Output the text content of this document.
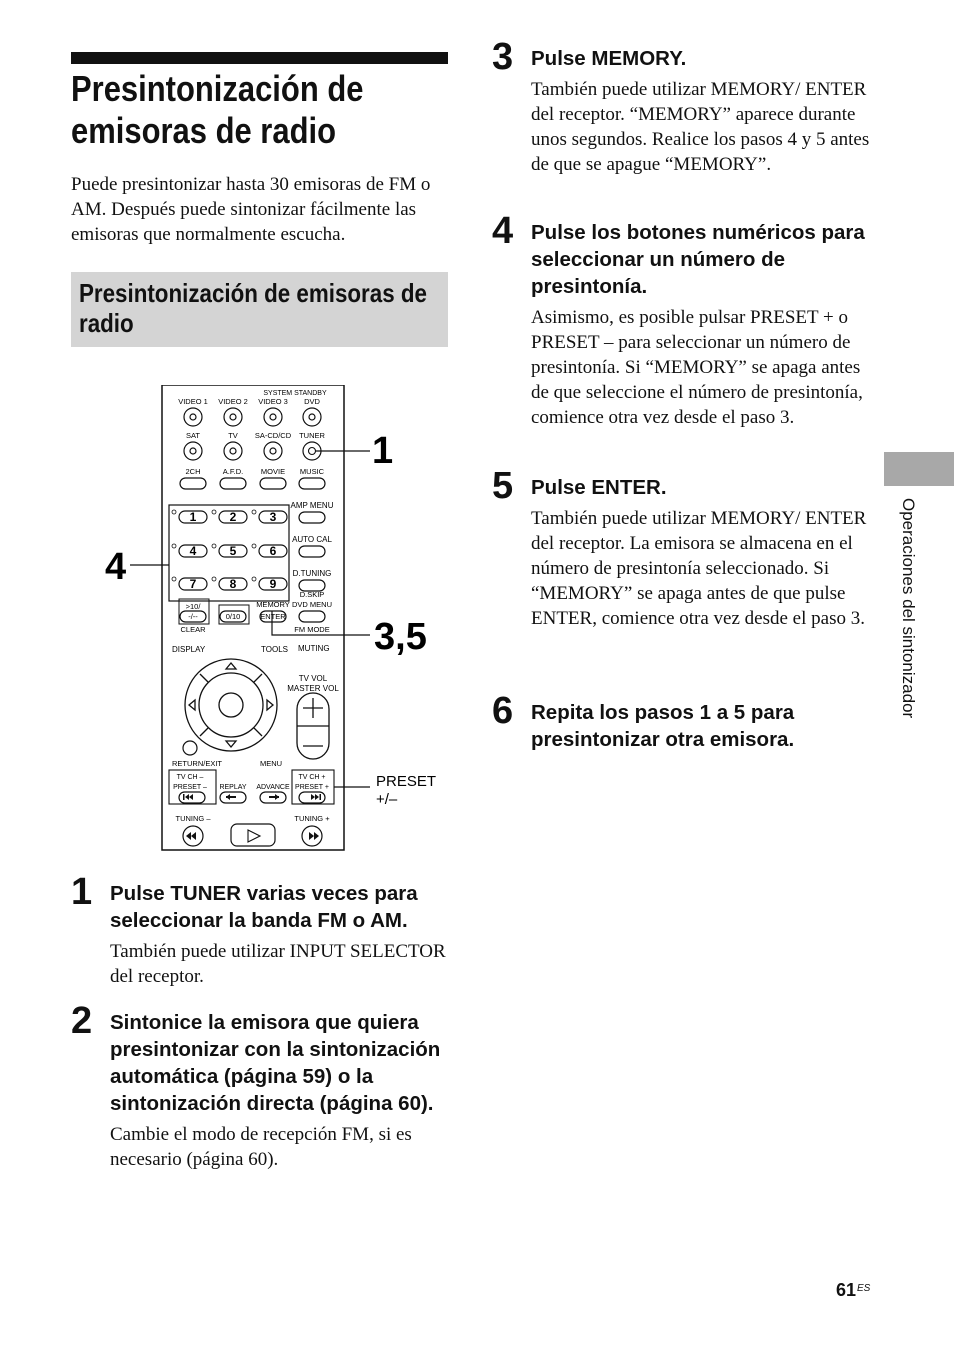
Presintonización de
emisoras de radio

Puede presintonizar hasta 30 emisoras de FM o AM. Después puede sintonizar fácilmente las emisoras que normalmente escucha.

Presintonización de emisoras de radio
SYSTEM STANDBY
VIDEO 1 VIDEO 2 VIDEO 3 DVD
SAT	TV SA-CD/CD TUNER
2CH	A.F.D. MOVIE MUSIC
AMP MENU
AUTO CAL
D.TUNING
1	2	3
4	5	6
7	8	9
>10/	MEMORY DVD MENU
D.SKIP
FM MODE
CLEAR
-/--	0/10	ENTER
DISPLAY	TOOLS MUTING
TV VOL
MASTER VOL
RETURN/EXIT	MENU
TV CH –
PRESET – REPLAY ADVANCE
TV CH +
PRESET +
TUNING –	TUNING +
1
4
3,5
PRESET
+/–
1 Pulse TUNER varias veces para seleccionar la banda FM o AM.
También puede utilizar INPUT SELECTOR del receptor.
2 Sintonice la emisora que quiera presintonizar con la sintonización automática (página 59) o la sintonización directa (página 60).
Cambie el modo de recepción FM, si es necesario (página 60).
3 Pulse MEMORY.
También puede utilizar MEMORY/ ENTER del receptor. “MEMORY” aparece durante unos segundos. Realice los pasos 4 y 5 antes de que se apague “MEMORY”.
4 Pulse los botones numéricos para seleccionar un número de presintonía.
Asimismo, es posible pulsar PRESET + o PRESET – para seleccionar un número de presintonía. Si “MEMORY” se apaga antes de que seleccione el número de presintonía, comience otra vez desde el paso 3.
5 Pulse ENTER.
También puede utilizar MEMORY/ ENTER del receptor. La emisora se almacena en el número de presintonía seleccionado. Si “MEMORY” se apaga antes de que pulse ENTER, comience otra vez desde el paso 3.
6 Repita los pasos 1 a 5 para presintonizar otra emisora.
Operaciones del sintonizador
61 ES
